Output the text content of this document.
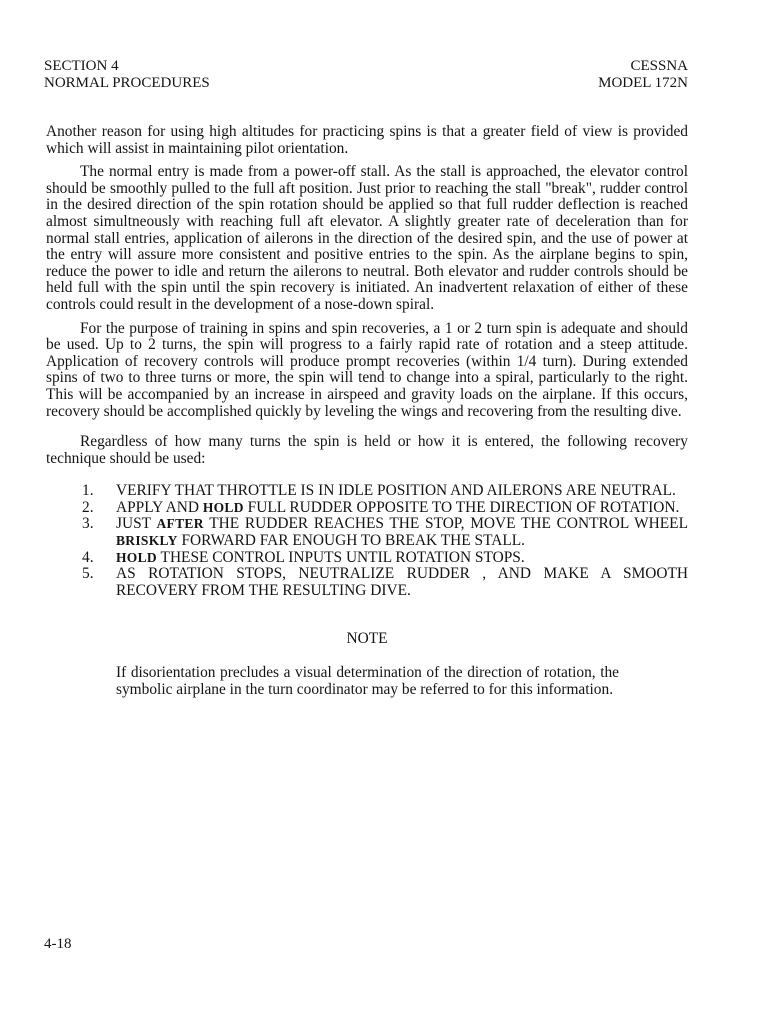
SECTION 4
NORMAL PROCEDURES
CESSNA
MODEL 172N

Another reason for using high altitudes for practicing spins is that a greater field of view is provided which will assist in maintaining pilot orientation.

The normal entry is made from a power-off stall. As the stall is approached, the elevator control should be smoothly pulled to the full aft position. Just prior to reaching the stall "break", rudder control in the desired direction of the spin rotation should be applied so that full rudder deflection is reached almost simultneously with reaching full aft elevator. A slightly greater rate of deceleration than for normal stall entries, application of ailerons in the direction of the desired spin, and the use of power at the entry will assure more consistent and positive entries to the spin. As the airplane begins to spin, reduce the power to idle and return the ailerons to neutral. Both elevator and rudder controls should be held full with the spin until the spin recovery is initiated. An inadvertent relaxation of either of these controls could result in the development of a nose-down spiral.

For the purpose of training in spins and spin recoveries, a 1 or 2 turn spin is adequate and should be used. Up to 2 turns, the spin will progress to a fairly rapid rate of rotation and a steep attitude. Application of recovery controls will produce prompt recoveries (within 1/4 turn). During extended spins of two to three turns or more, the spin will tend to change into a spiral, particularly to the right. This will be accompanied by an increase in airspeed and gravity loads on the airplane. If this occurs, recovery should be accomplished quickly by leveling the wings and recovering from the resulting dive.

Regardless of how many turns the spin is held or how it is entered, the following recovery technique should be used:

1. VERIFY THAT THROTTLE IS IN IDLE POSITION AND AILERONS ARE NEUTRAL.
2. APPLY AND HOLD FULL RUDDER OPPOSITE TO THE DIRECTION OF ROTATION.
3. JUST AFTER THE RUDDER REACHES THE STOP, MOVE THE CONTROL WHEEL BRISKLY FORWARD FAR ENOUGH TO BREAK THE STALL.
4. HOLD THESE CONTROL INPUTS UNTIL ROTATION STOPS.
5. AS ROTATION STOPS, NEUTRALIZE RUDDER , AND MAKE A SMOOTH RECOVERY FROM THE RESULTING DIVE.
NOTE

If disorientation precludes a visual determination of the direction of rotation, the symbolic airplane in the turn coordinator may be referred to for this information.

4-18
